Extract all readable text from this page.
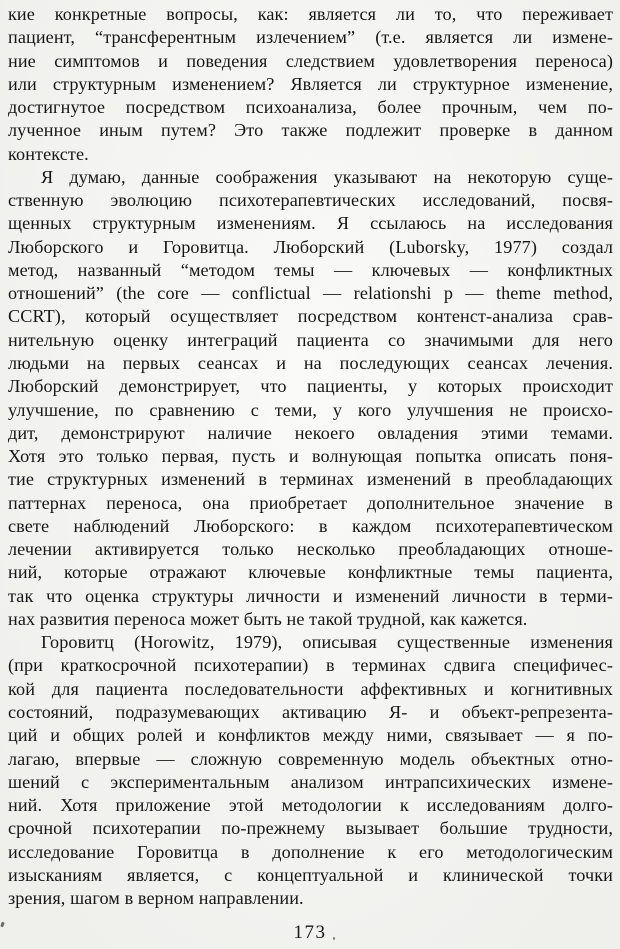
кие конкретные вопросы, как: является ли то, что переживает
пациент, “трансферентным излечением” (т.е. является ли измене-
ние симптомов и поведения следствием удовлетворения переноса)
или структурным изменением? Является ли структурное изменение,
достигнутое посредством психоанализа, более прочным, чем по-
лученное иным путем? Это также подлежит проверке в данном
контексте.
Я думаю, данные соображения указывают на некоторую суще-
ственную эволюцию психотерапевтических исследований, посвя-
щенных структурным изменениям. Я ссылаюсь на исследования
Люборского и Горовитца. Люборский (Luborsky, 1977) создал
метод, названный “методом темы — ключевых — конфликтных
отношений” (the core — conflictual — relationshi p — theme method,
CCRT), который осуществляет посредством контенст-анализа срав-
нительную оценку интеграций пациента со значимыми для него
людьми на первых сеансах и на последующих сеансах лечения.
Люборский демонстрирует, что пациенты, у которых происходит
улучшение, по сравнению с теми, у кого улучшения не происхо-
дит, демонстрируют наличие некоего овладения этими темами.
Хотя это только первая, пусть и волнующая попытка описать поня-
тие структурных изменений в терминах изменений в преобладающих
паттернах переноса, она приобретает дополнительное значение в
свете наблюдений Люборского: в каждом психотерапевтическом
лечении активируется только несколько преобладающих отноше-
ний, которые отражают ключевые конфликтные темы пациента,
так что оценка структуры личности и изменений личности в терми-
нах развития переноса может быть не такой трудной, как кажется.
Горовитц (Horowitz, 1979), описывая существенные изменения
(при краткосрочной психотерапии) в терминах сдвига специфичес-
кой для пациента последовательности аффективных и когнитивных
состояний, подразумевающих активацию Я- и объект-репрезента-
ций и общих ролей и конфликтов между ними, связывает — я по-
лагаю, впервые — сложную современную модель объектных отно-
шений с экспериментальным анализом интрапсихических измене-
ний. Хотя приложение этой методологии к исследованиям долго-
срочной психотерапии по-прежнему вызывает большие трудности,
исследование Горовитца в дополнение к его методологическим
изысканиям является, с концептуальной и клинической точки
зрения, шагом в верном направлении.
173
